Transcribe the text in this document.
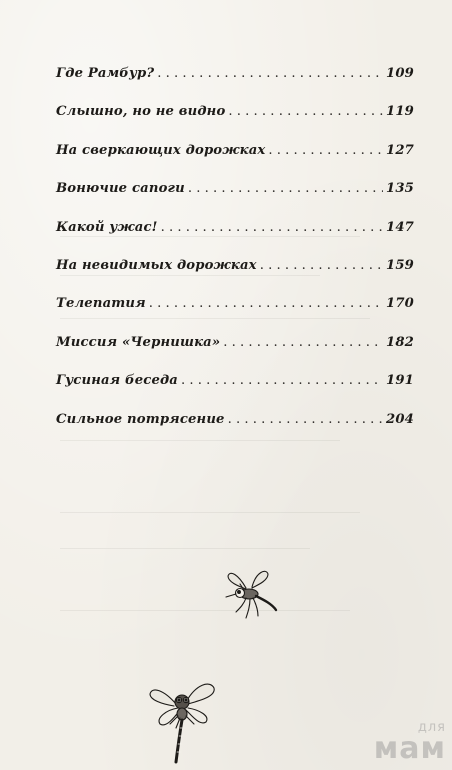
Где Рамбур? . . .	109
Слышно, но не видно . . .	119
На сверкающих дорожках . . .	127
Вонючие сапоги . . .	135
Какой ужас! . . .	147
На невидимых дорожках . . .	159
Телепатия . . .	170
Миссия «Чернишка» . . .	182
Гусиная беседа . . .	191
Сильное потрясение . . .	204
для
мам
